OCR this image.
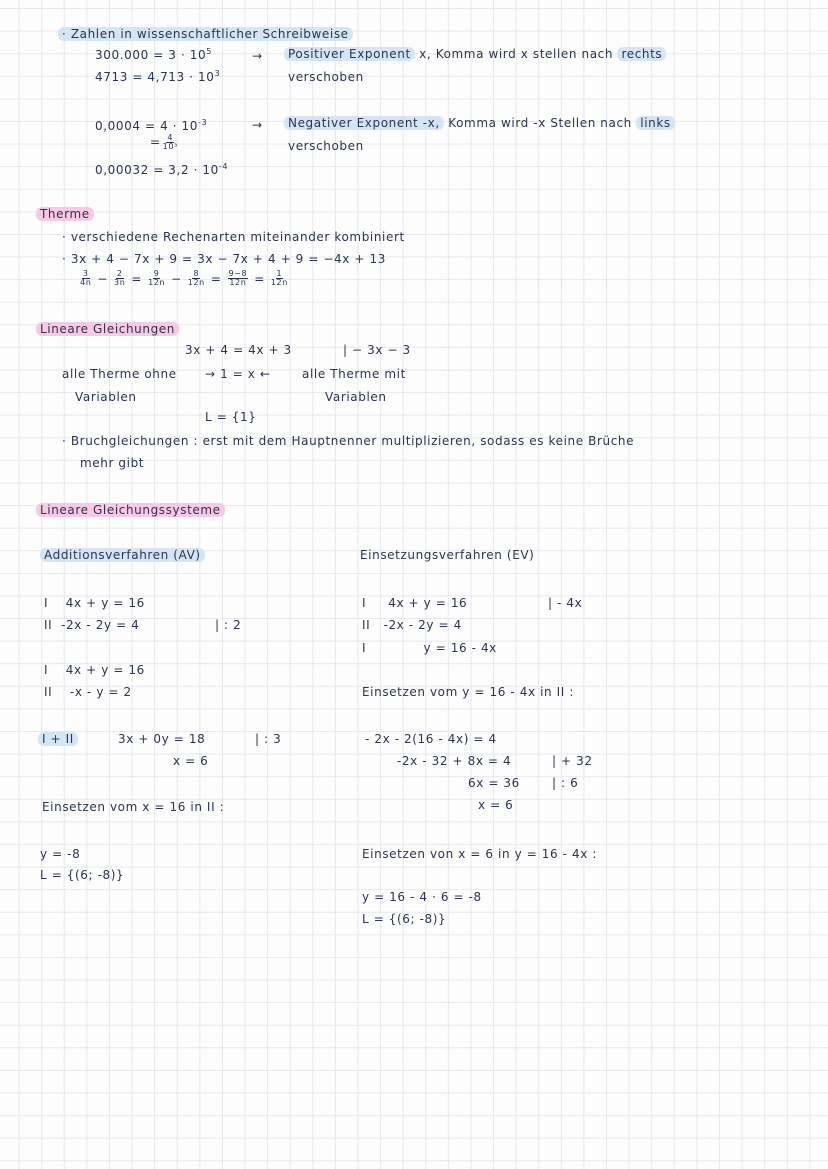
· Zahlen in wissenschaftlicher Schreibweise
$300.000 = 3 \cdot 10^5$
$4713 = 4,713 \cdot 10^3$
→	Positiver Exponent x, Komma wird x stellen nach rechts
verschoben
$0,0004 = 4 \cdot 10^{-3}$
= $\frac{4}{\text{10³}}$
→	Negativer Exponent -x, Komma wird -x Stellen nach links
verschoben
$0,00032 = 3,2 \cdot 10^{-4}$
Therme
· verschiedene Rechenarten miteinander kombiniert
· 3x + 4 − 7x + 9 = 3x − 7x + 4 + 9 = −4x + 13
$\frac{3}{4n} - \frac{2}{3n} = \frac{9}{12n} - \frac{8}{12n} = \frac{9-8}{12n} = \frac{1}{12n}$
Lineare Gleichungen
3x + 4 = 4x + 3	| − 3x − 3
alle Therme ohne → 1 = x ←	alle Therme mit
Variablen	Variablen
L = {1}
· Bruchgleichungen : erst mit dem Hauptnenner multiplizieren, sodass es keine Brüche
mehr gibt
Lineare Gleichungssysteme
Additionsverfahren (AV)
I    4x + y = 16
II  -2x - 2y = 4	| : 2
I    4x + y = 16
II    -x - y = 2
I + II	3x + 0y = 18	| : 3
x = 6
Einsetzen vom x = 16 in II :
y = -8
L = {(6; -8)}
Einsetzungsverfahren (EV)
I     4x + y = 16	| - 4x
II   -2x - 2y = 4
I             y = 16 - 4x
Einsetzen vom y = 16 - 4x in II :
- 2x - 2(16 - 4x) = 4
-2x - 32 + 8x = 4	| + 32
6x = 36	| : 6
x = 6
Einsetzen von x = 6 in y = 16 - 4x :
y = 16 - 4 · 6 = -8
L = {(6; -8)}
